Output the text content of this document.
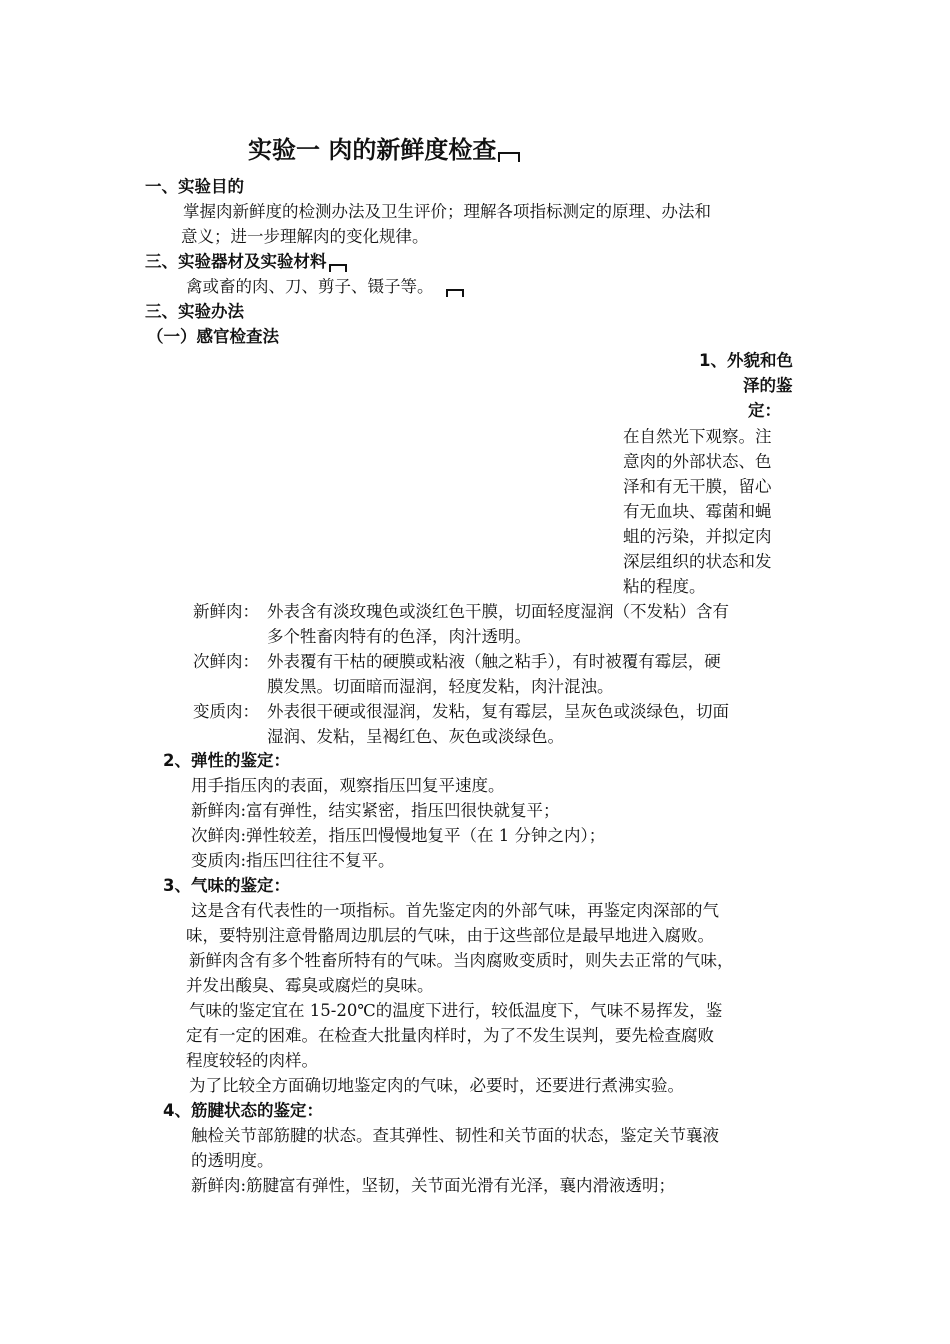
实验一 肉的新鲜度检查
一、实验目的
掌握肉新鲜度的检测办法及卫生评价；理解各项指标测定的原理、办法和
意义；进一步理解肉的变化规律。
三、实验器材及实验材料
禽或畜的肉、刀、剪子、镊子等。
三、实验办法
（一）感官检查法
1、外貌和色
泽的鉴
定：
在自然光下观察。注
意肉的外部状态、色
泽和有无干膜，留心
有无血块、霉菌和蝇
蛆的污染，并拟定肉
深层组织的状态和发
粘的程度。
新鲜肉： 外表含有淡玫瑰色或淡红色干膜，切面轻度湿润（不发粘）含有
多个牲畜肉特有的色泽，肉汁透明。
次鲜肉： 外表覆有干枯的硬膜或粘液（触之粘手），有时被覆有霉层，硬
膜发黑。切面暗而湿润，轻度发粘，肉汁混浊。
变质肉： 外表很干硬或很湿润，发粘，复有霉层，呈灰色或淡绿色，切面
湿润、发粘，呈褐红色、灰色或淡绿色。
2、弹性的鉴定：
用手指压肉的表面，观察指压凹复平速度。
新鲜肉:富有弹性，结实紧密，指压凹很快就复平；
次鲜肉:弹性较差，指压凹慢慢地复平（在 1 分钟之内）；
变质肉:指压凹往往不复平。
3、气味的鉴定：
这是含有代表性的一项指标。首先鉴定肉的外部气味，再鉴定肉深部的气
味，要特别注意骨骼周边肌层的气味，由于这些部位是最早地进入腐败。
新鲜肉含有多个牲畜所特有的气味。当肉腐败变质时，则失去正常的气味，
并发出酸臭、霉臭或腐烂的臭味。
气味的鉴定宜在 15-20℃的温度下进行，较低温度下，气味不易挥发，鉴
定有一定的困难。在检查大批量肉样时，为了不发生误判，要先检查腐败
程度较轻的肉样。
为了比较全方面确切地鉴定肉的气味，必要时，还要进行煮沸实验。
4、筋腱状态的鉴定：
触检关节部筋腱的状态。查其弹性、韧性和关节面的状态，鉴定关节襄液
的透明度。
新鲜肉:筋腱富有弹性，坚韧，关节面光滑有光泽，襄内滑液透明；
